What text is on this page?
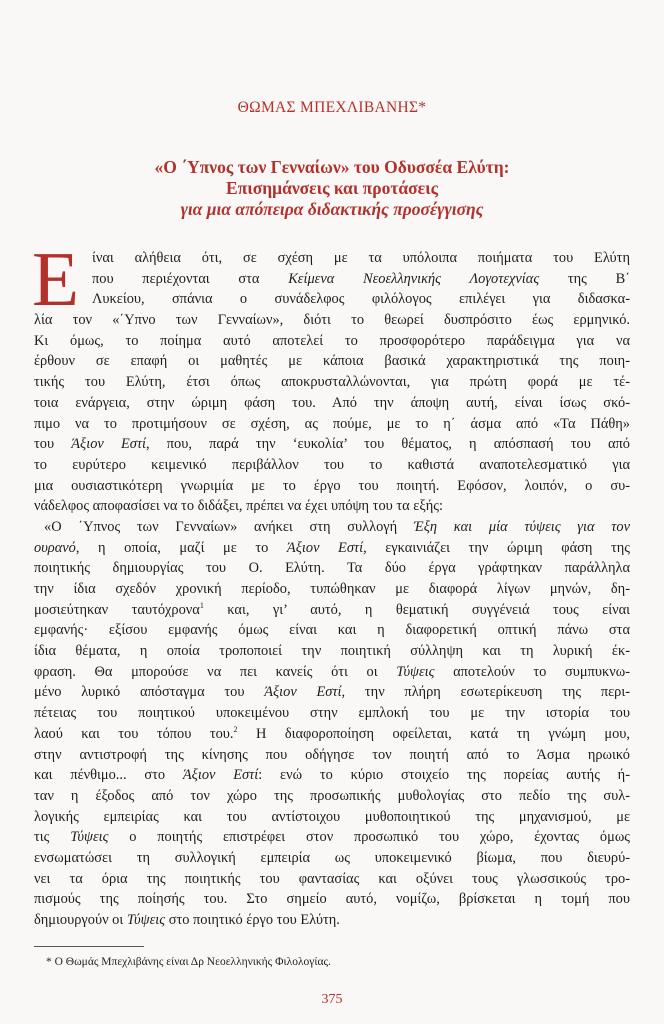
ΘΩΜΑΣ ΜΠΕΧΛΙΒΑΝΗΣ*
«Ο ΄Υπνος των Γενναίων» του Οδυσσέα Ελύτη:
Επισημάνσεις και προτάσεις
για μια απόπειρα διδακτικής προσέγγισης
Ε ίναι αλήθεια ότι, σε σχέση με τα υπόλοιπα ποιήματα του Ελύτη
που περιέχονται στα Κείμενα Νεοελληνικής Λογοτεχνίας της Β΄
Λυκείου, σπάνια ο συνάδελφος φιλόλογος επιλέγει για διδασκα-
λία τον «΄Υπνο των Γενναίων», διότι το θεωρεί δυσπρόσιτο έως ερμηνικό.
Κι όμως, το ποίημα αυτό αποτελεί το προσφορότερο παράδειγμα για να
έρθουν σε επαφή οι μαθητές με κάποια βασικά χαρακτηριστικά της ποιη-
τικής του Ελύτη, έτσι όπως αποκρυσταλλώνονται, για πρώτη φορά με τέ-
τοια ενάργεια, στην ώριμη φάση του. Από την άποψη αυτή, είναι ίσως σκό-
πιμο να το προτιμήσουν σε σχέση, ας πούμε, με το η΄ άσμα από «Τα Πάθη»
του Άξιον Εστί, που, παρά την ‘ευκολία’ του θέματος, η απόσπασή του από
το ευρύτερο κειμενικό περιβάλλον του το καθιστά αναποτελεσματικό για
μια ουσιαστικότερη γνωριμία με το έργο του ποιητή. Εφόσον, λοιπόν, ο συ-
νάδελφος αποφασίσει να το διδάξει, πρέπει να έχει υπόψη του τα εξής:
«Ο ΄Υπνος των Γενναίων» ανήκει στη συλλογή Έξη και μία τύψεις για τον
ουρανό, η οποία, μαζί με το Άξιον Εστί, εγκαινιάζει την ώριμη φάση της
ποιητικής δημιουργίας του Ο. Ελύτη. Τα δύο έργα γράφτηκαν παράλληλα
την ίδια σχεδόν χρονική περίοδο, τυπώθηκαν με διαφορά λίγων μηνών, δη-
μοσιεύτηκαν ταυτόχρονα$^1$ και, γι’ αυτό, η θεματική συγγένειά τους είναι
εμφανής· εξίσου εμφανής όμως είναι και η διαφορετική οπτική πάνω στα
ίδια θέματα, η οποία τροποποιεί την ποιητική σύλληψη και τη λυρική έκ-
φραση. Θα μπορούσε να πει κανείς ότι οι Τύψεις αποτελούν το συμπυκνω-
μένο λυρικό απόσταγμα του Άξιον Εστί, την πλήρη εσωτερίκευση της περι-
πέτειας του ποιητικού υποκειμένου στην εμπλοκή του με την ιστορία του
λαού και του τόπου του.$^2$ Η διαφοροποίηση οφείλεται, κατά τη γνώμη μου,
στην αντιστροφή της κίνησης που οδήγησε τον ποιητή από το Άσμα ηρωικό
και πένθιμο... στο Άξιον Εστί: ενώ το κύριο στοιχείο της πορείας αυτής ή-
ταν η έξοδος από τον χώρο της προσωπικής μυθολογίας στο πεδίο της συλ-
λογικής εμπειρίας και του αντίστοιχου μυθοποιητικού της μηχανισμού, με
τις Τύψεις ο ποιητής επιστρέφει στον προσωπικό του χώρο, έχοντας όμως
ενσωματώσει τη συλλογική εμπειρία ως υποκειμενικό βίωμα, που διευρύ-
νει τα όρια της ποιητικής του φαντασίας και οξύνει τους γλωσσικούς τρο-
πισμούς της ποίησής του. Στο σημείο αυτό, νομίζω, βρίσκεται η τομή που
δημιουργούν οι Τύψεις στο ποιητικό έργο του Ελύτη.
* Ο Θωμάς Μπεχλιβάνης είναι Δρ Νεοελληνικής Φιλολογίας.
375
